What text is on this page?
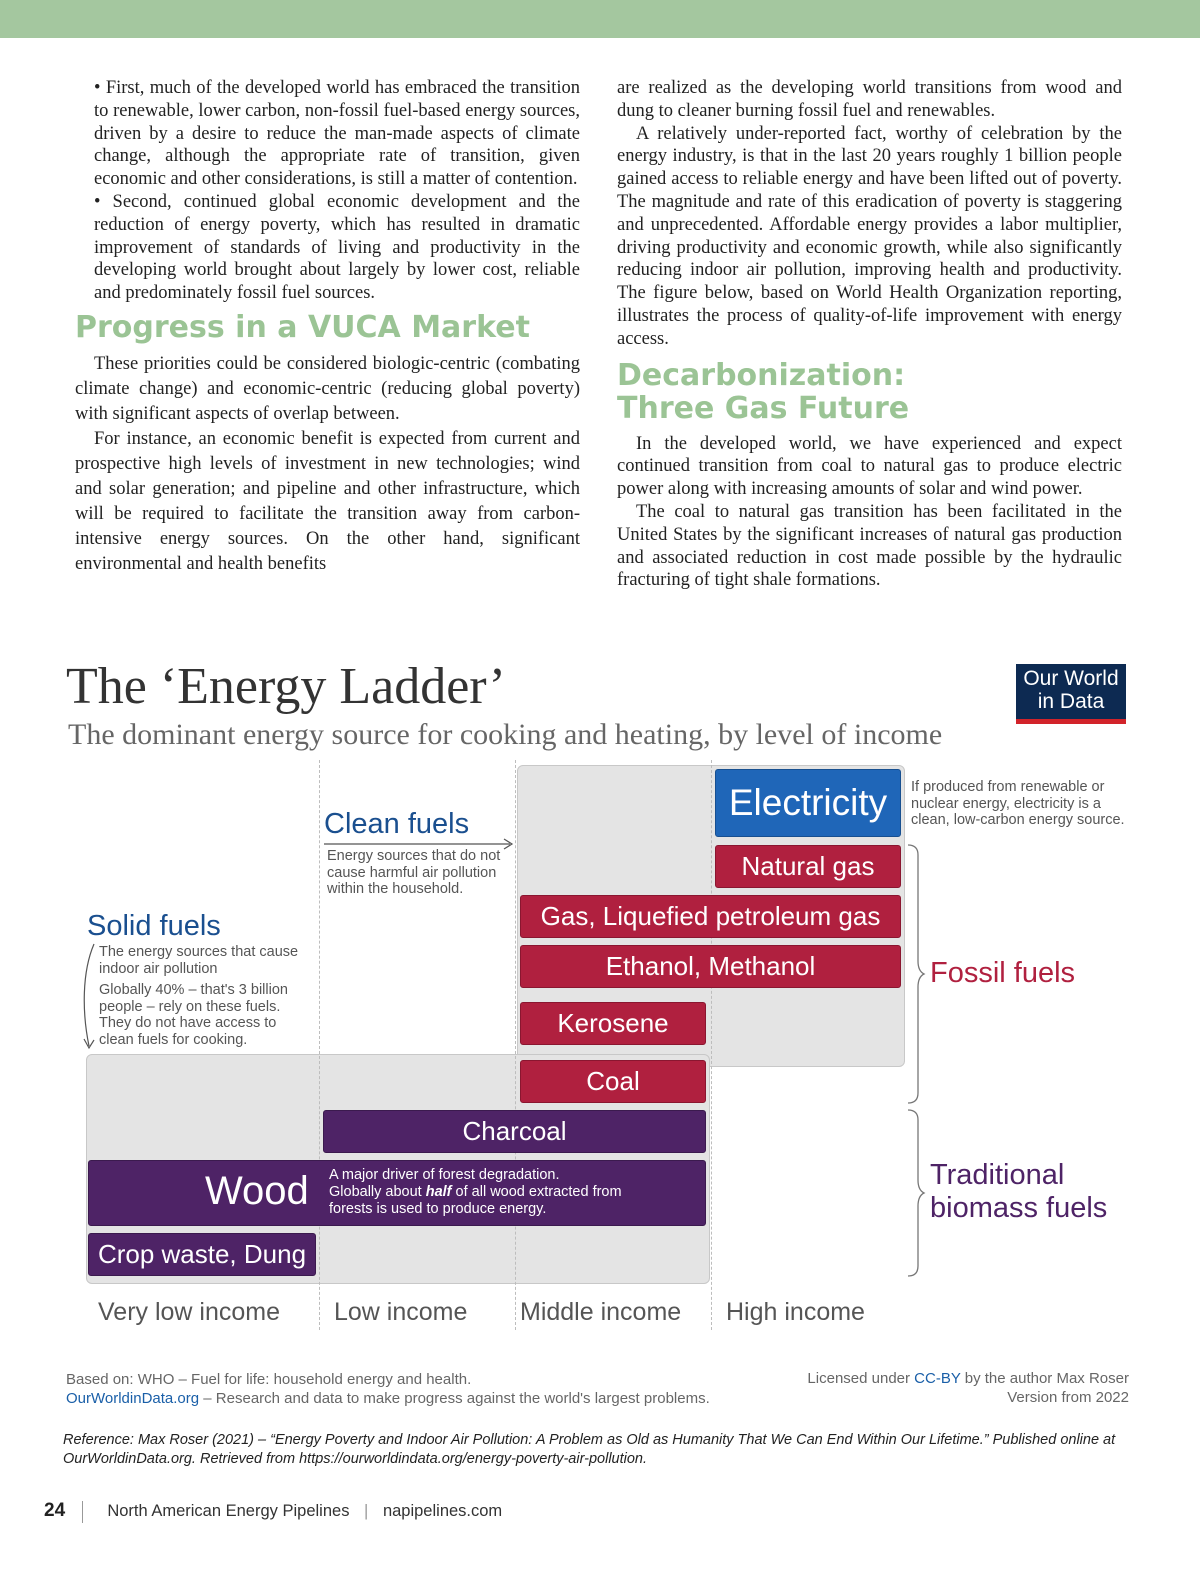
• First, much of the developed world has embraced the transition to renewable, lower carbon, non-fossil fuel-based energy sources, driven by a desire to reduce the man-made aspects of climate change, although the appropriate rate of transition, given economic and other considerations, is still a matter of contention.

• Second, continued global economic development and the reduction of energy poverty, which has resulted in dramatic improvement of standards of living and productivity in the developing world brought about largely by lower cost, reliable and predominately fossil fuel sources.

Progress in a VUCA Market

These priorities could be considered biologic-centric (combating climate change) and economic-centric (reducing global poverty) with significant aspects of overlap between.

For instance, an economic benefit is expected from current and prospective high levels of investment in new technologies; wind and solar generation; and pipeline and other infrastructure, which will be required to facilitate the transition away from carbon-intensive energy sources. On the other hand, significant environmental and health benefits

are realized as the developing world transitions from wood and dung to cleaner burning fossil fuel and renewables.

A relatively under-reported fact, worthy of celebration by the energy industry, is that in the last 20 years roughly 1 billion people gained access to reliable energy and have been lifted out of poverty. The magnitude and rate of this eradication of poverty is staggering and unprecedented. Affordable energy provides a labor multiplier, driving productivity and economic growth, while also significantly reducing indoor air pollution, improving health and productivity. The figure below, based on World Health Organization reporting, illustrates the process of quality-of-life improvement with energy access.

Decarbonization:
Three Gas Future

In the developed world, we have experienced and expect continued transition from coal to natural gas to produce electric power along with increasing amounts of solar and wind power.

The coal to natural gas transition has been facilitated in the United States by the significant increases of natural gas production and associated reduction in cost made possible by the hydraulic fracturing of tight shale formations.

The ‘Energy Ladder’
The dominant energy source for cooking and heating, by level of income
Our World
in Data
Clean fuels
Energy sources that do not cause harmful air pollution within the household.
Solid fuels
The energy sources that cause indoor air pollution
Globally 40% – that's 3 billion people – rely on these fuels. They do not have access to clean fuels for cooking.
If produced from renewable or nuclear energy, electricity is a clean, low-carbon energy source.
Electricity
Natural gas
Gas, Liquefied petroleum gas
Ethanol, Methanol
Kerosene
Coal
Charcoal
Wood A major driver of forest degradation.
Globally about half of all wood extracted from forests is used to produce energy.
Crop waste, Dung
Fossil fuels
Traditional
biomass fuels
Very low income Low income Middle income High income
Based on: WHO – Fuel for life: household energy and health.
OurWorldinData.org – Research and data to make progress against the world's largest problems.
Licensed under CC-BY by the author Max Roser
Version from 2022
Reference: Max Roser (2021) – “Energy Poverty and Indoor Air Pollution: A Problem as Old as Humanity That We Can End Within Our Lifetime.” Published online at OurWorldinData.org. Retrieved from https://ourworldindata.org/energy-poverty-air-pollution.
24	North American Energy Pipelines | napipelines.com
